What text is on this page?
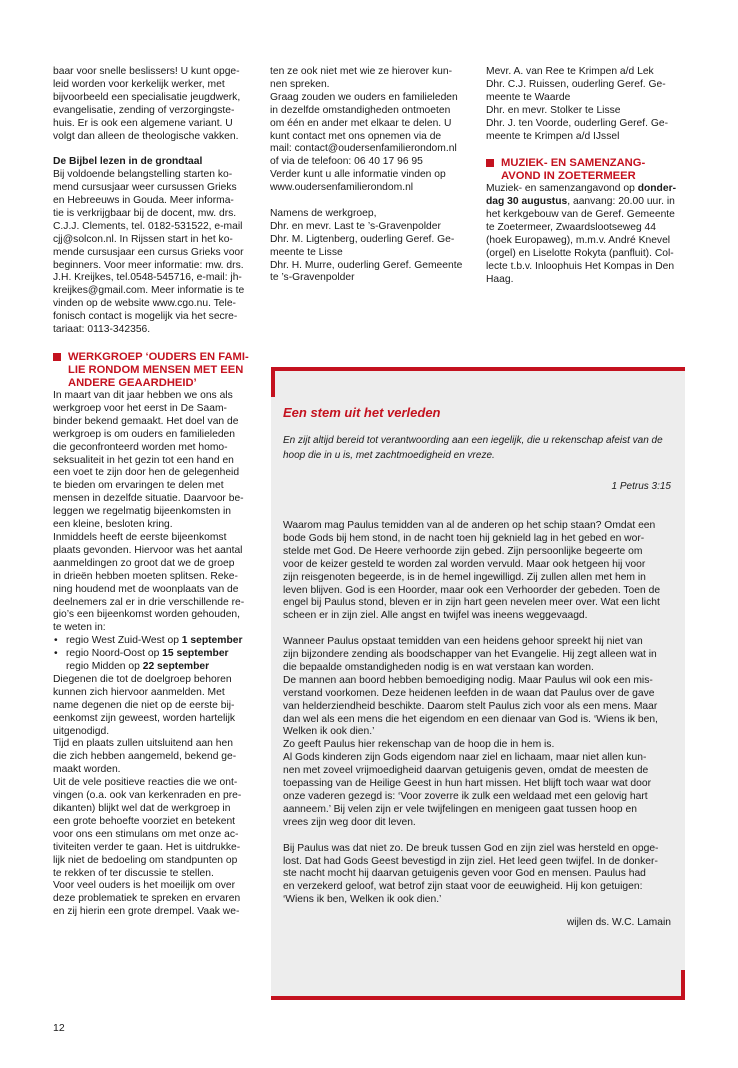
baar voor snelle beslissers! U kunt opge-
leid worden voor kerkelijk werker, met
bijvoorbeeld een specialisatie jeugdwerk,
evangelisatie, zending of verzorgingste-
huis. Er is ook een algemene variant. U
volgt dan alleen de theologische vakken.

De Bijbel lezen in de grondtaal

Bij voldoende belangstelling starten ko-
mend cursusjaar weer cursussen Grieks
en Hebreeuws in Gouda. Meer informa-
tie is verkrijgbaar bij de docent, mw. drs.
C.J.J. Clements, tel. 0182-531522, e-mail
cjj@solcon.nl. In Rijssen start in het ko-
mende cursusjaar een cursus Grieks voor
beginners. Voor meer informatie: mw. drs.
J.H. Kreijkes, tel.0548-545716, e-mail: jh-
kreijkes@gmail.com. Meer informatie is te
vinden op de website www.cgo.nu. Tele-
fonisch contact is mogelijk via het secre-
tariaat: 0113-342356.

WERKGROEP ‘OUDERS EN FAMI-
LIE RONDOM MENSEN MET EEN
ANDERE GEAARDHEID’

In maart van dit jaar hebben we ons als
werkgroep voor het eerst in De Saam-
binder bekend gemaakt. Het doel van de
werkgroep is om ouders en familieleden
die geconfronteerd worden met homo-
seksualiteit in het gezin tot een hand en
een voet te zijn door hen de gelegenheid
te bieden om ervaringen te delen met
mensen in dezelfde situatie. Daarvoor be-
leggen we regelmatig bijeenkomsten in
een kleine, besloten kring.
Inmiddels heeft de eerste bijeenkomst
plaats gevonden. Hiervoor was het aantal
aanmeldingen zo groot dat we de groep
in drieën hebben moeten splitsen. Reke-
ning houdend met de woonplaats van de
deelnemers zal er in drie verschillende re-
gio’s een bijeenkomst worden gehouden,
te weten in:

• regio West Zuid-West op 1 september
• regio Noord-Oost op 15 september
regio Midden op 22 september

Diegenen die tot de doelgroep behoren
kunnen zich hiervoor aanmelden. Met
name degenen die niet op de eerste bij-
eenkomst zijn geweest, worden hartelijk
uitgenodigd.
Tijd en plaats zullen uitsluitend aan hen
die zich hebben aangemeld, bekend ge-
maakt worden.
Uit de vele positieve reacties die we ont-
vingen (o.a. ook van kerkenraden en pre-
dikanten) blijkt wel dat de werkgroep in
een grote behoefte voorziet en betekent
voor ons een stimulans om met onze ac-
tiviteiten verder te gaan. Het is uitdrukke-
lijk niet de bedoeling om standpunten op
te rekken of ter discussie te stellen.
Voor veel ouders is het moeilijk om over
deze problematiek te spreken en ervaren
en zij hierin een grote drempel. Vaak we-

ten ze ook niet met wie ze hierover kun-
nen spreken.
Graag zouden we ouders en familieleden
in dezelfde omstandigheden ontmoeten
om één en ander met elkaar te delen. U
kunt contact met ons opnemen via de
mail: contact@oudersenfamilierondom.nl
of via de telefoon: 06 40 17 96 95
Verder kunt u alle informatie vinden op
www.oudersenfamilierondom.nl

Namens de werkgroep,
Dhr. en mevr. Last te ’s-Gravenpolder
Dhr. M. Ligtenberg, ouderling Geref. Ge-
meente te Lisse
Dhr. H. Murre, ouderling Geref. Gemeente
te ’s-Gravenpolder

Mevr. A. van Ree te Krimpen a/d Lek
Dhr. C.J. Ruissen, ouderling Geref. Ge-
meente te Waarde
Dhr. en mevr. Stolker te Lisse
Dhr. J. ten Voorde, ouderling Geref. Ge-
meente te Krimpen a/d IJssel

MUZIEK- EN SAMENZANG-
AVOND IN ZOETERMEER

Muziek- en samenzangavond op donder-
dag 30 augustus, aanvang: 20.00 uur. in
het kerkgebouw van de Geref. Gemeente
te Zoetermeer, Zwaardslootseweg 44
(hoek Europaweg), m.m.v. André Knevel
(orgel) en Liselotte Rokyta (panfluit). Col-
lecte t.b.v. Inloophuis Het Kompas in Den
Haag.

Een stem uit het verleden
En zijt altijd bereid tot verantwoording aan een iegelijk, die u rekenschap afeist van de
hoop die in u is, met zachtmoedigheid en vreze.
1 Petrus 3:15

Waarom mag Paulus temidden van al de anderen op het schip staan? Omdat een
bode Gods bij hem stond, in de nacht toen hij geknield lag in het gebed en wor-
stelde met God. De Heere verhoorde zijn gebed. Zijn persoonlijke begeerte om
voor de keizer gesteld te worden zal worden vervuld. Maar ook hetgeen hij voor
zijn reisgenoten begeerde, is in de hemel ingewilligd. Zij zullen allen met hem in
leven blijven. God is een Hoorder, maar ook een Verhoorder der gebeden. Toen de
engel bij Paulus stond, bleven er in zijn hart geen nevelen meer over. Wat een licht
scheen er in zijn ziel. Alle angst en twijfel was ineens weggevaagd.

Wanneer Paulus opstaat temidden van een heidens gehoor spreekt hij niet van
zijn bijzondere zending als boodschapper van het Evangelie. Hij zegt alleen wat in
die bepaalde omstandigheden nodig is en wat verstaan kan worden.
De mannen aan boord hebben bemoediging nodig. Maar Paulus wil ook een mis-
verstand voorkomen. Deze heidenen leefden in de waan dat Paulus over de gave
van helderziendheid beschikte. Daarom stelt Paulus zich voor als een mens. Maar
dan wel als een mens die het eigendom en een dienaar van God is. ‘Wiens ik ben,
Welken ik ook dien.’
Zo geeft Paulus hier rekenschap van de hoop die in hem is.
Al Gods kinderen zijn Gods eigendom naar ziel en lichaam, maar niet allen kun-
nen met zoveel vrijmoedigheid daarvan getuigenis geven, omdat de meesten de
toepassing van de Heilige Geest in hun hart missen. Het blijft toch waar wat door
onze vaderen gezegd is: ‘Voor zoverre ik zulk een weldaad met een gelovig hart
aanneem.’ Bij velen zijn er vele twijfelingen en menigeen gaat tussen hoop en
vrees zijn weg door dit leven.

Bij Paulus was dat niet zo. De breuk tussen God en zijn ziel was hersteld en opge-
lost. Dat had Gods Geest bevestigd in zijn ziel. Het leed geen twijfel. In de donker-
ste nacht mocht hij daarvan getuigenis geven voor God en mensen. Paulus had
en verzekerd geloof, wat betrof zijn staat voor de eeuwigheid. Hij kon getuigen:
‘Wiens ik ben, Welken ik ook dien.’

wijlen ds. W.C. Lamain

12
